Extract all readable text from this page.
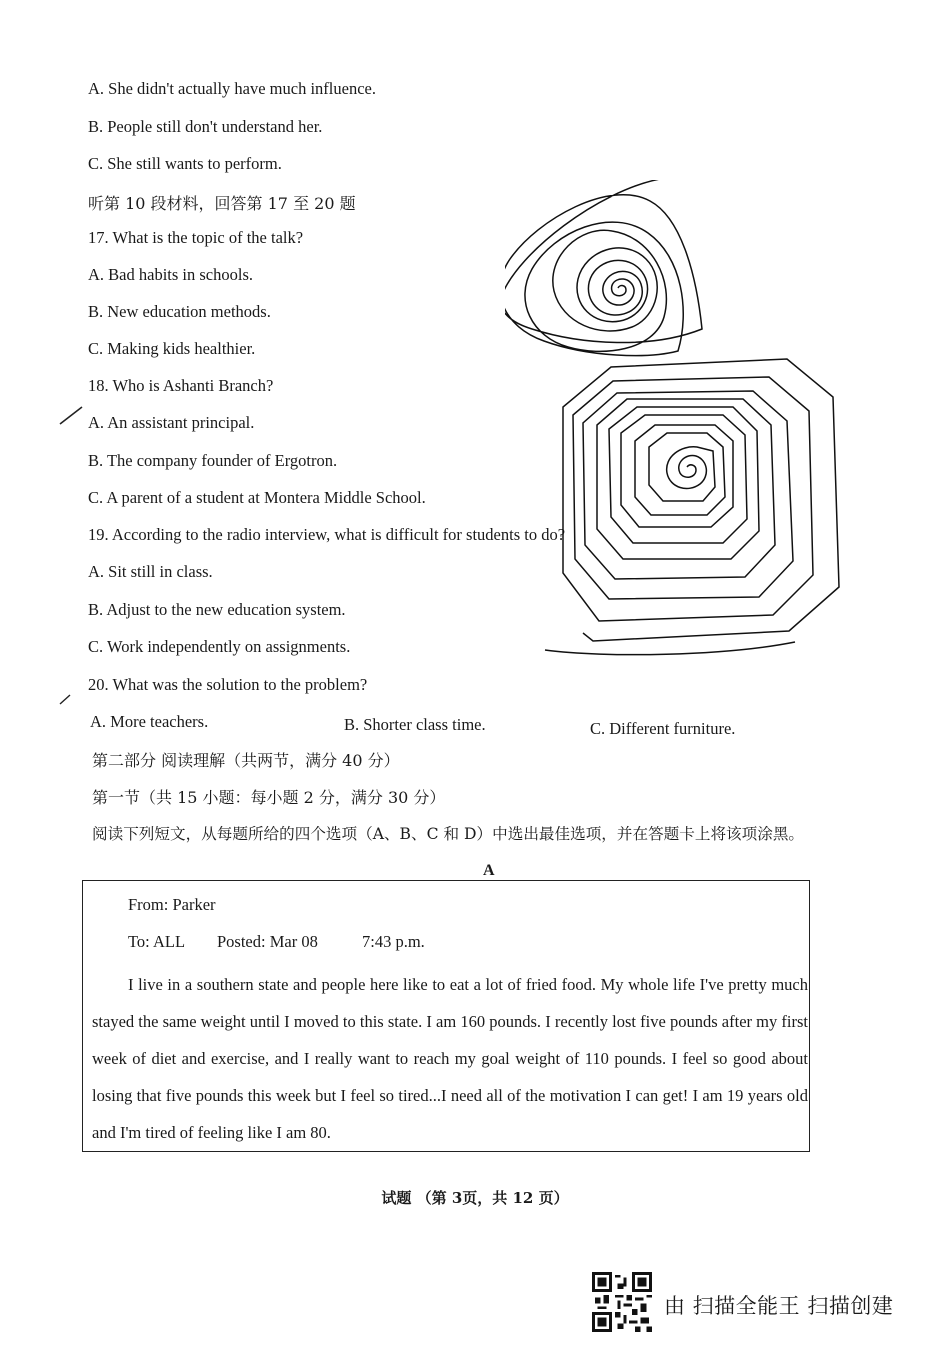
A. She didn't actually have much influence.
B. People still don't understand her.
C. She still wants to perform.
听第 10 段材料，回答第 17 至 20 题
17. What is the topic of the talk?
A. Bad habits in schools.
B. New education methods.
C. Making kids healthier.
18. Who is Ashanti Branch?
A. An assistant principal.
B. The company founder of Ergotron.
C. A parent of a student at Montera Middle School.
19. According to the radio interview, what is difficult for students to do?
A. Sit still in class.
B. Adjust to the new education system.
C. Work independently on assignments.
20. What was the solution to the problem?
A. More teachers.	B. Shorter class time.	C. Different furniture.
第二部分 阅读理解（共两节，满分 40 分）
第一节（共 15 小题：每小题 2 分，满分 30 分）
阅读下列短文，从每题所给的四个选项（A、B、C 和 D）中选出最佳选项，并在答题卡上将该项涂黑。
A
From: Parker
To: ALL Posted: Mar 08	7:43 p.m.
I live in a southern state and people here like to eat a lot of fried food. My whole life I've pretty much stayed the same weight until I moved to this state. I am 160 pounds. I recently lost five pounds after my first week of diet and exercise, and I really want to reach my goal weight of 110 pounds. I feel so good about losing that five pounds this week but I feel so tired...I need all of the motivation I can get! I am 19 years old and I'm tired of feeling like I am 80.
试题 （第 3页，共 12 页）
由 扫描全能王 扫描创建
